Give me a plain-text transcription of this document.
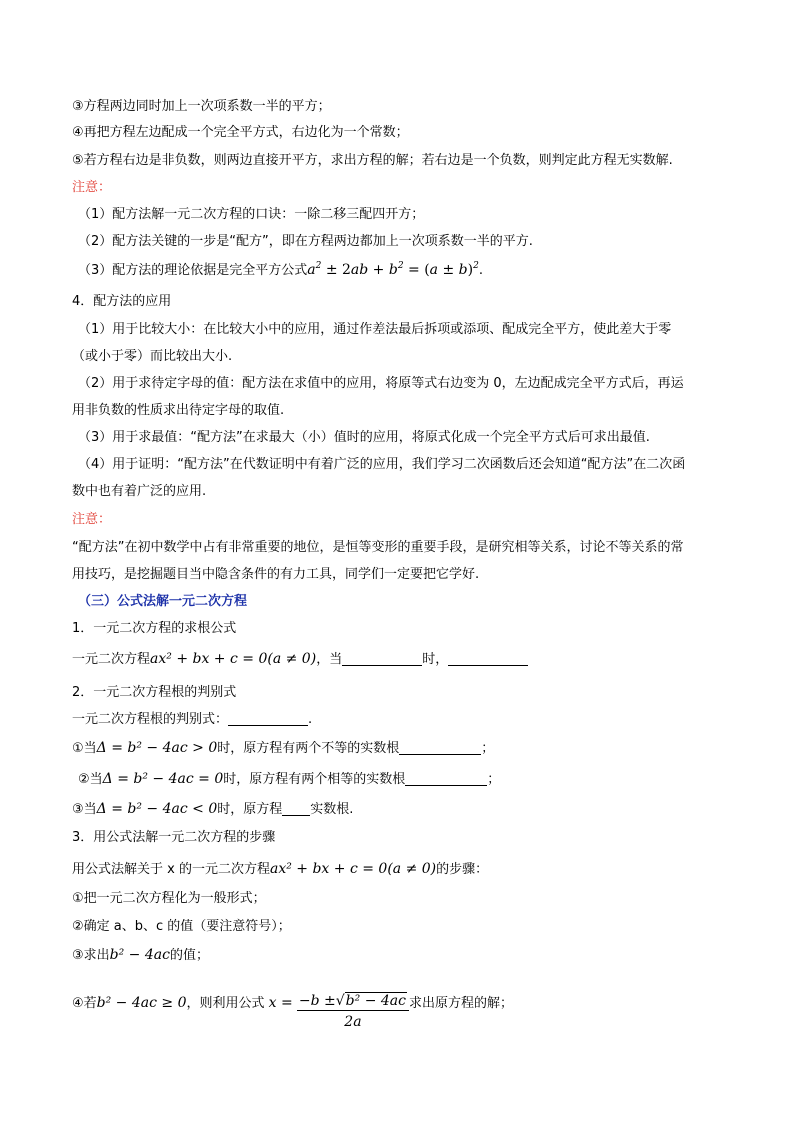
③方程两边同时加上一次项系数一半的平方；
④再把方程左边配成一个完全平方式，右边化为一个常数；
⑤若方程右边是非负数，则两边直接开平方，求出方程的解；若右边是一个负数，则判定此方程无实数解.
注意：
（1）配方法解一元二次方程的口诀：一除二移三配四开方；
（2）配方法关键的一步是“配方”，即在方程两边都加上一次项系数一半的平方.
（3）配方法的理论依据是完全平方公式$a^2 \pm 2ab + b^2 = (a \pm b)^2$.
4．配方法的应用
（1）用于比较大小：在比较大小中的应用，通过作差法最后拆项或添项、配成完全平方，使此差大于零
（或小于零）而比较出大小.
（2）用于求待定字母的值：配方法在求值中的应用，将原等式右边变为 0，左边配成完全平方式后，再运
用非负数的性质求出待定字母的取值.
（3）用于求最值：“配方法”在求最大（小）值时的应用，将原式化成一个完全平方式后可求出最值.
（4）用于证明：“配方法”在代数证明中有着广泛的应用，我们学习二次函数后还会知道“配方法”在二次函
数中也有着广泛的应用.
注意：
“配方法”在初中数学中占有非常重要的地位，是恒等变形的重要手段，是研究相等关系，讨论不等关系的常
用技巧，是挖掘题目当中隐含条件的有力工具，同学们一定要把它学好.
（三）公式法解一元二次方程
1．一元二次方程的求根公式
一元二次方程ax² + bx + c = 0(a ≠ 0)，当	时，
2．一元二次方程根的判别式
一元二次方程根的判别式：	.
①当Δ = b² − 4ac > 0时，原方程有两个不等的实数根	；
②当Δ = b² − 4ac = 0时，原方程有两个相等的实数根	；
③当Δ = b² − 4ac < 0时，原方程 实数根.
3．用公式法解一元二次方程的步骤
用公式法解关于 x 的一元二次方程ax² + bx + c = 0(a ≠ 0)的步骤：
①把一元二次方程化为一般形式；
②确定 a、b、c 的值（要注意符号）；
③求出b² − 4ac的值；
④若b² − 4ac ≥ 0，则利用公式 $x = \frac{\text{−b ±√b² − 4ac}}{2a}$ 求出原方程的解；
